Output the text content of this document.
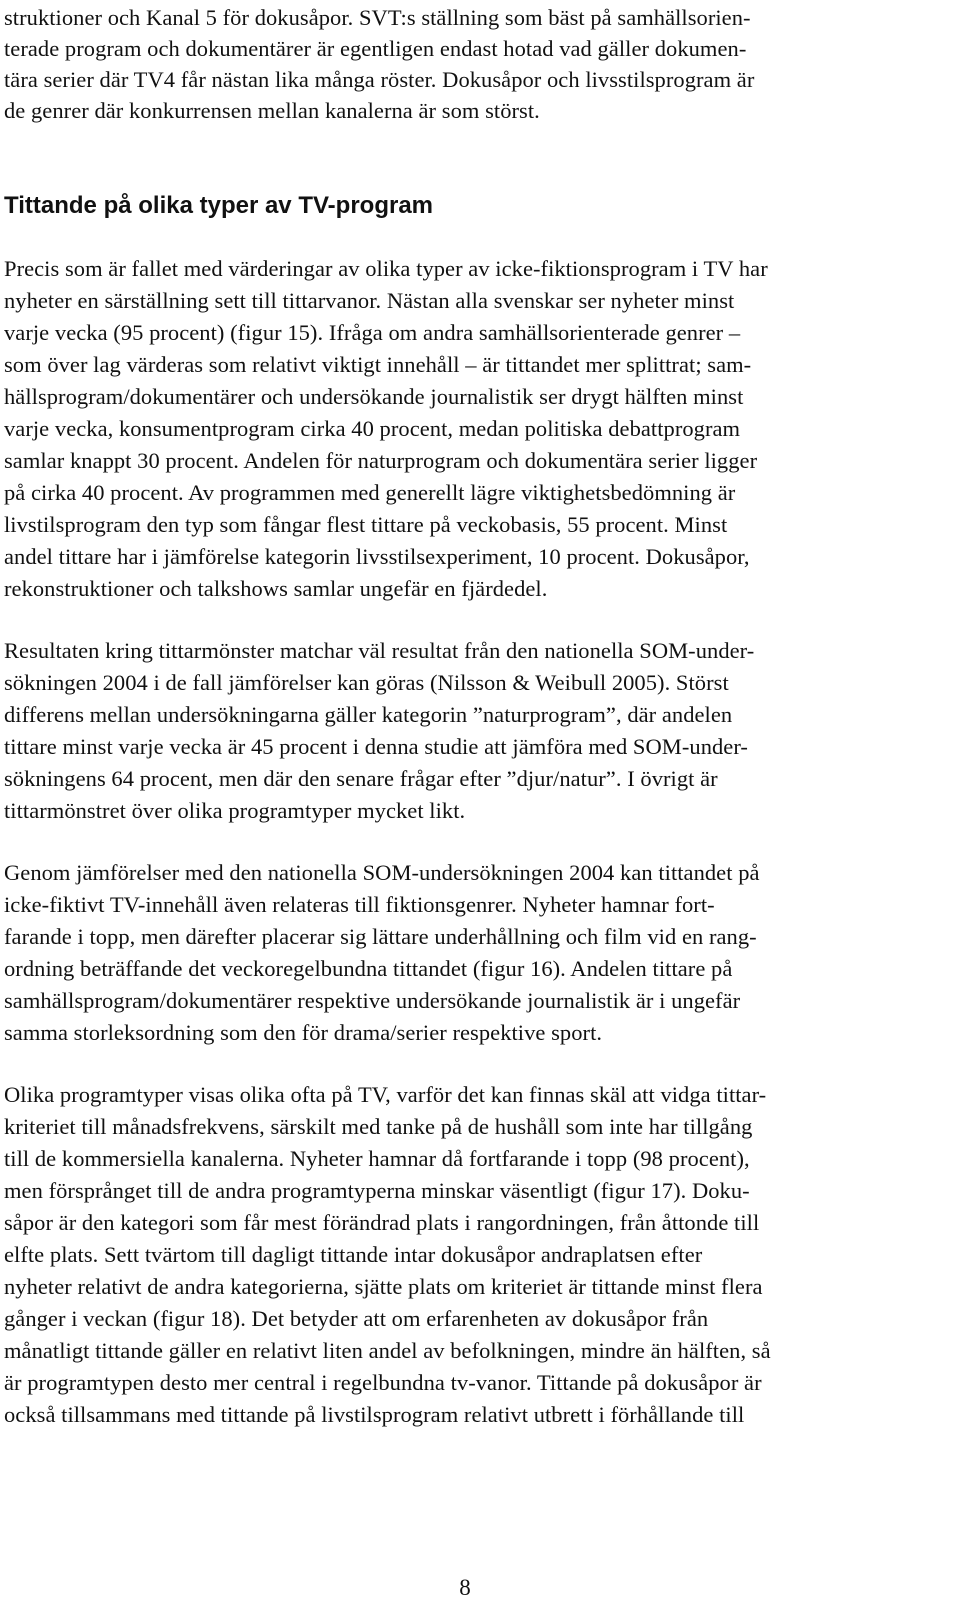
struktioner och Kanal 5 för dokusåpor. SVT:s ställning som bäst på samhällsorien-
terade program och dokumentärer är egentligen endast hotad vad gäller dokumen-
tära serier där TV4 får nästan lika många röster. Dokusåpor och livsstilsprogram är
de genrer där konkurrensen mellan kanalerna är som störst.
Tittande på olika typer av TV-program
Precis som är fallet med värderingar av olika typer av icke-fiktionsprogram i TV har
nyheter en särställning sett till tittarvanor. Nästan alla svenskar ser nyheter minst
varje vecka (95 procent) (figur 15). Ifråga om andra samhällsorienterade genrer –
som över lag värderas som relativt viktigt innehåll – är tittandet mer splittrat; sam-
hällsprogram/dokumentärer och undersökande journalistik ser drygt hälften minst
varje vecka, konsumentprogram cirka 40 procent, medan politiska debattprogram
samlar knappt 30 procent. Andelen för naturprogram och dokumentära serier ligger
på cirka 40 procent. Av programmen med generellt lägre viktighetsbedömning är
livstilsprogram den typ som fångar flest tittare på veckobasis, 55 procent. Minst
andel tittare har i jämförelse kategorin livsstilsexperiment, 10 procent. Dokusåpor,
rekonstruktioner och talkshows samlar ungefär en fjärdedel.
Resultaten kring tittarmönster matchar väl resultat från den nationella SOM-under-
sökningen 2004 i de fall jämförelser kan göras (Nilsson & Weibull 2005). Störst
differens mellan undersökningarna gäller kategorin ”naturprogram”, där andelen
tittare minst varje vecka är 45 procent i denna studie att jämföra med SOM-under-
sökningens 64 procent, men där den senare frågar efter ”djur/natur”. I övrigt är
tittarmönstret över olika programtyper mycket likt.
Genom jämförelser med den nationella SOM-undersökningen 2004 kan tittandet på
icke-fiktivt TV-innehåll även relateras till fiktionsgenrer. Nyheter hamnar fort-
farande i topp, men därefter placerar sig lättare underhållning och film vid en rang-
ordning beträffande det veckoregelbundna tittandet (figur 16). Andelen tittare på
samhällsprogram/dokumentärer respektive undersökande journalistik är i ungefär
samma storleksordning som den för drama/serier respektive sport.
Olika programtyper visas olika ofta på TV, varför det kan finnas skäl att vidga tittar-
kriteriet till månadsfrekvens, särskilt med tanke på de hushåll som inte har tillgång
till de kommersiella kanalerna. Nyheter hamnar då fortfarande i topp (98 procent),
men försprånget till de andra programtyperna minskar väsentligt (figur 17). Doku-
såpor är den kategori som får mest förändrad plats i rangordningen, från åttonde till
elfte plats. Sett tvärtom till dagligt tittande intar dokusåpor andraplatsen efter
nyheter relativt de andra kategorierna, sjätte plats om kriteriet är tittande minst flera
gånger i veckan (figur 18). Det betyder att om erfarenheten av dokusåpor från
månatligt tittande gäller en relativt liten andel av befolkningen, mindre än hälften, så
är programtypen desto mer central i regelbundna tv-vanor. Tittande på dokusåpor är
också tillsammans med tittande på livstilsprogram relativt utbrett i förhållande till
8
